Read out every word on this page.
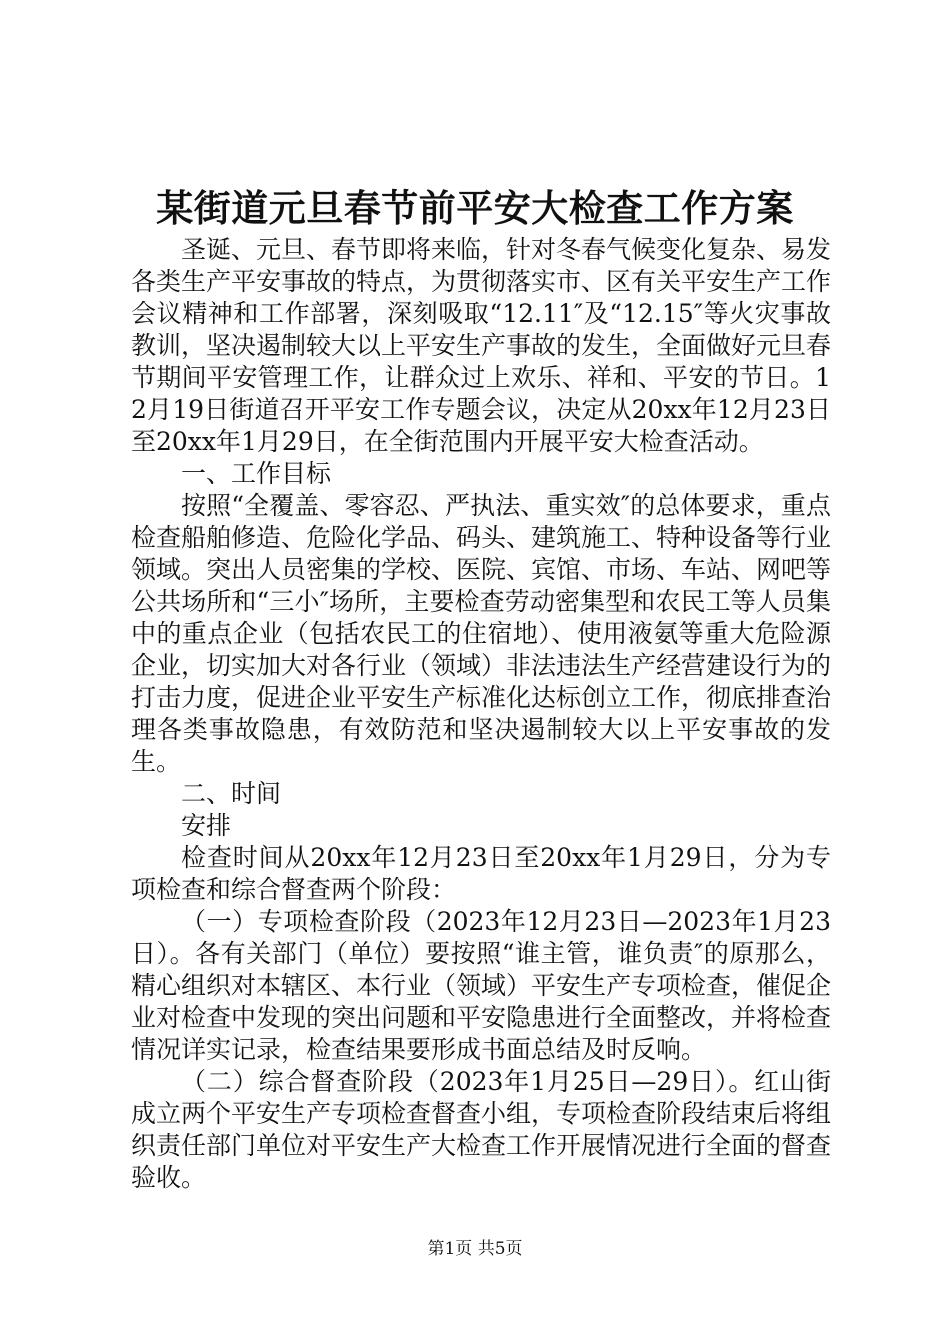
某街道元旦春节前平安大检查工作方案

圣诞、元旦、春节即将来临，针对冬春气候变化复杂、易发各类生产平安事故的特点，为贯彻落实市、区有关平安生产工作会议精神和工作部署，深刻吸取“12.11″及“12.15″等火灾事故教训，坚决遏制较大以上平安生产事故的发生，全面做好元旦春节期间平安管理工作，让群众过上欢乐、祥和、平安的节日。12月19日街道召开平安工作专题会议，决定从20xx年12月23日至20xx年1月29日，在全街范围内开展平安大检查活动。

一、工作目标

按照“全覆盖、零容忍、严执法、重实效″的总体要求，重点检查船舶修造、危险化学品、码头、建筑施工、特种设备等行业领域。突出人员密集的学校、医院、宾馆、市场、车站、网吧等公共场所和“三小″场所，主要检查劳动密集型和农民工等人员集中的重点企业（包括农民工的住宿地）、使用液氨等重大危险源企业，切实加大对各行业（领域）非法违法生产经营建设行为的打击力度，促进企业平安生产标准化达标创立工作，彻底排查治理各类事故隐患，有效防范和坚决遏制较大以上平安事故的发生。

二、时间

安排

检查时间从20xx年12月23日至20xx年1月29日，分为专项检查和综合督查两个阶段：

（一）专项检查阶段（2023年12月23日—2023年1月23日）。各有关部门（单位）要按照“谁主管，谁负责″的原那么，精心组织对本辖区、本行业（领域）平安生产专项检查，催促企业对检查中发现的突出问题和平安隐患进行全面整改，并将检查情况详实记录，检查结果要形成书面总结及时反响。

（二）综合督查阶段（2023年1月25日—29日）。红山街成立两个平安生产专项检查督查小组，专项检查阶段结束后将组织责任部门单位对平安生产大检查工作开展情况进行全面的督查验收。

第1页 共5页
